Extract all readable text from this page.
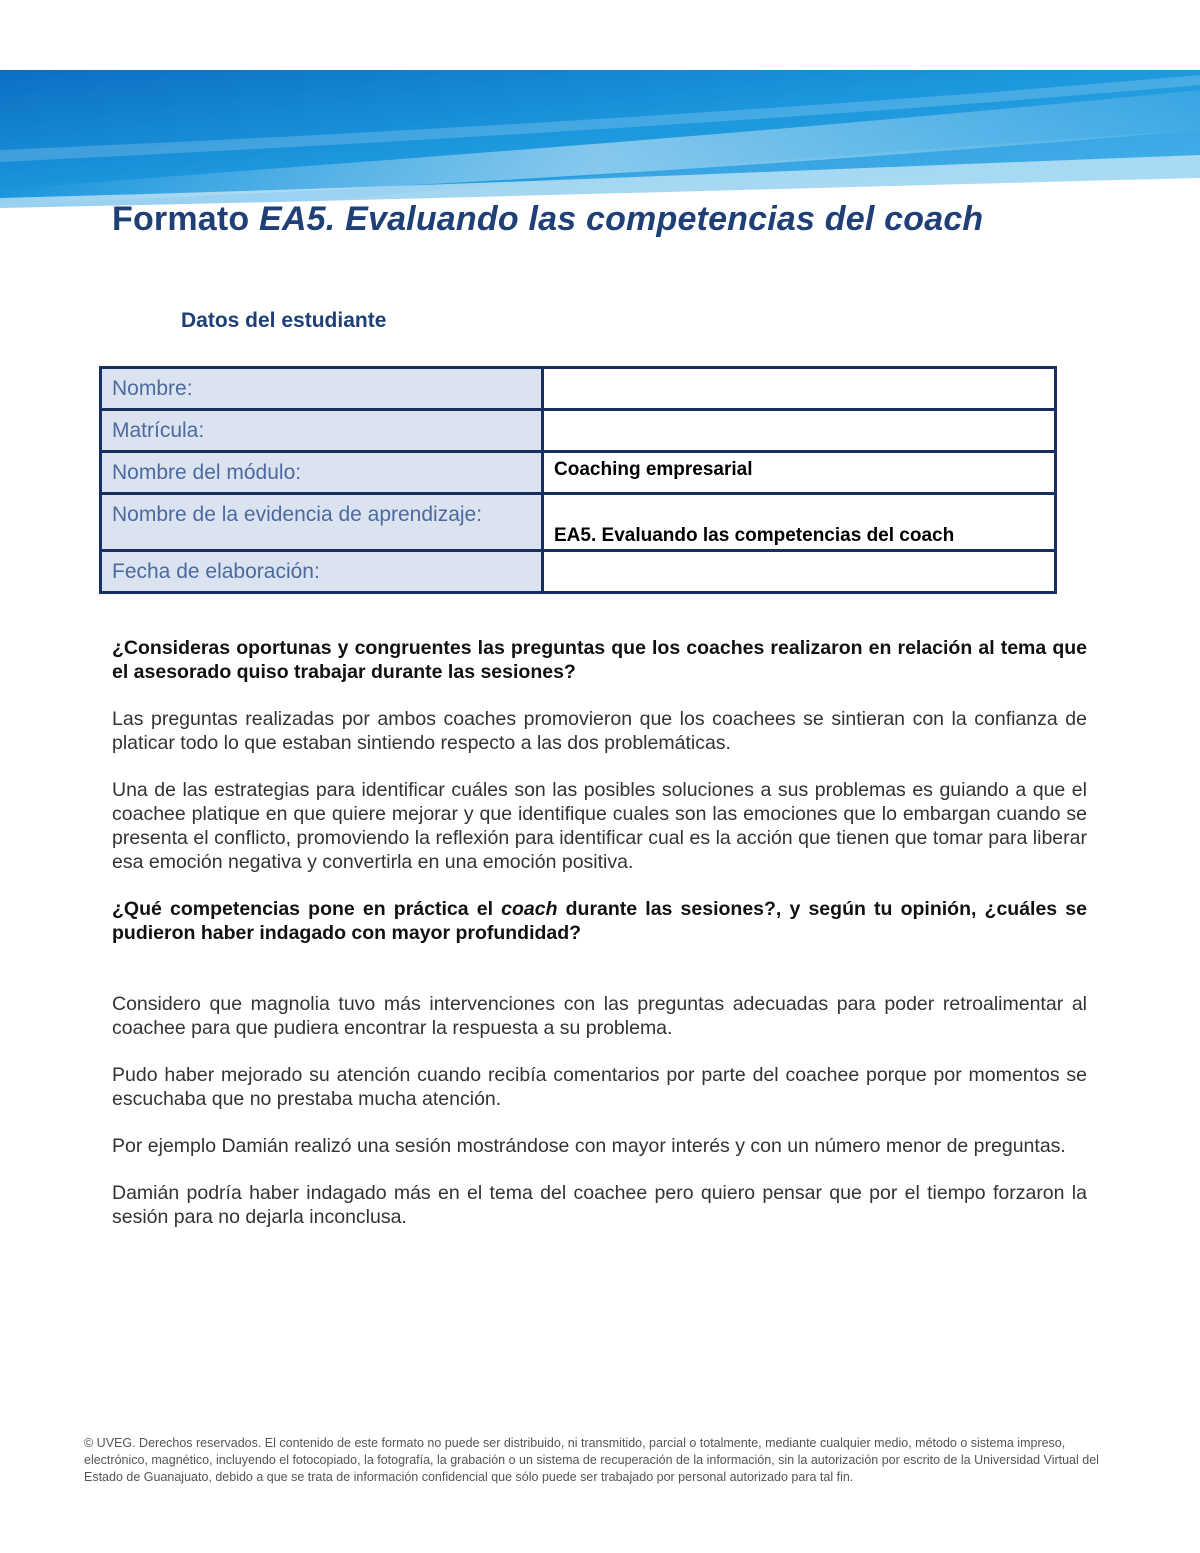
Formato EA5. Evaluando las competencias del coach
Datos del estudiante
Nombre:	
Matrícula:	
Nombre del módulo:	Coaching empresarial
Nombre de la evidencia de aprendizaje:	EA5. Evaluando las competencias del coach
Fecha de elaboración:	

¿Consideras oportunas y congruentes las preguntas que los coaches realizaron en relación al tema que el asesorado quiso trabajar durante las sesiones?

Las preguntas realizadas por ambos coaches promovieron que los coachees se sintieran con la confianza de platicar todo lo que estaban sintiendo respecto a las dos problemáticas.

Una de las estrategias para identificar cuáles son las posibles soluciones a sus problemas es guiando a que el coachee platique en que quiere mejorar y que identifique cuales son las emociones que lo embargan cuando se presenta el conflicto, promoviendo la reflexión para identificar cual es la acción que tienen que tomar para liberar esa emoción negativa y convertirla en una emoción positiva.

¿Qué competencias pone en práctica el coach durante las sesiones?, y según tu opinión, ¿cuáles se pudieron haber indagado con mayor profundidad?

Considero que magnolia tuvo más intervenciones con las preguntas adecuadas para poder retroalimentar al coachee para que pudiera encontrar la respuesta a su problema.

Pudo haber mejorado su atención cuando recibía comentarios por parte del coachee porque por momentos se escuchaba que no prestaba mucha atención.

Por ejemplo Damián realizó una sesión mostrándose con mayor interés y con un número menor de preguntas.

Damián podría haber indagado más en el tema del coachee pero quiero pensar que por el tiempo forzaron la sesión para no dejarla inconclusa.

© UVEG. Derechos reservados. El contenido de este formato no puede ser distribuido, ni transmitido, parcial o totalmente, mediante cualquier medio, método o sistema impreso, electrónico, magnético, incluyendo el fotocopiado, la fotografía, la grabación o un sistema de recuperación de la información, sin la autorización por escrito de la Universidad Virtual del Estado de Guanajuato, debido a que se trata de información confidencial que sólo puede ser trabajado por personal autorizado para tal fin.
